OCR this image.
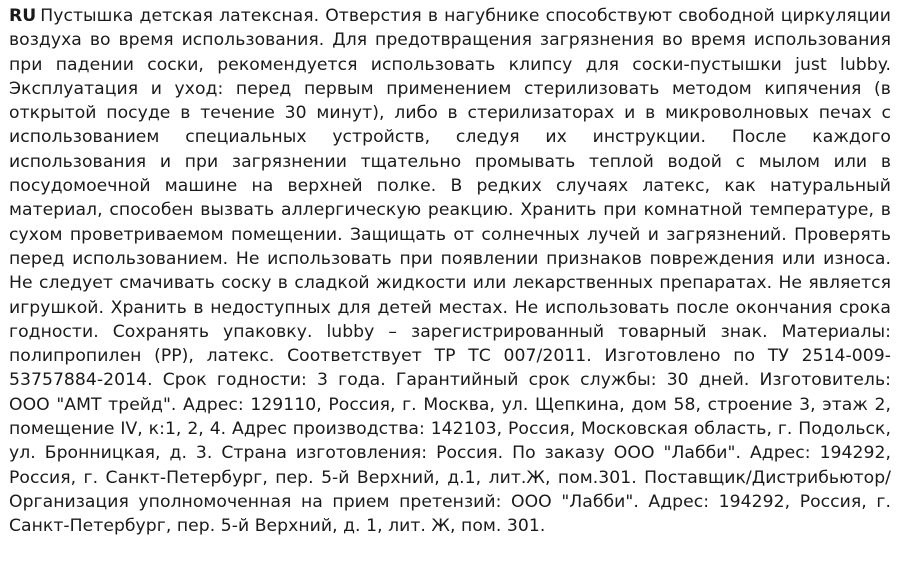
RU Пустышка детская латексная. Отверстия в нагубнике способствуют свободной циркуляции воздуха во время использования. Для предотвращения загрязнения во время использования при падении соски, рекомендуется использовать клипсу для соски-пустышки just lubby. Эксплуатация и уход: перед первым применением стерилизовать методом кипячения (в открытой посуде в течение 30 минут), либо в стерилизаторах и в микроволновых печах с использованием специальных устройств, следуя их инструкции. После каждого использования и при загрязнении тщательно промывать теплой водой с мылом или в посудомоечной машине на верхней полке. В редких случаях латекс, как натуральный материал, способен вызвать аллергическую реакцию. Хранить при комнатной температуре, в сухом проветриваемом помещении. Защищать от солнечных лучей и загрязнений. Проверять перед использованием. Не использовать при появлении признаков повреждения или износа. Не следует смачивать соску в сладкой жидкости или лекарственных препаратах. Не является игрушкой. Хранить в недоступных для детей местах. Не использовать после окончания срока годности. Сохранять упаковку. lubby – зарегистрированный товарный знак. Материалы: полипропилен (PP), латекс. Соответствует ТР ТС 007/2011. Изготовлено по ТУ 2514-009-53757884-2014. Срок годности: 3 года. Гарантийный срок службы: 30 дней. Изготовитель: ООО "АМТ трейд". Адрес: 129110, Россия, г. Москва, ул. Щепкина, дом 58, строение 3, этаж 2, помещение IV, к:1, 2, 4. Адрес производства: 142103, Россия, Московская область, г. Подольск, ул. Бронницкая, д. 3. Страна изготовления: Россия. По заказу ООО "Лабби". Адрес: 194292, Россия, г. Санкт-Петербург, пер. 5-й Верхний, д.1, лит.Ж, пом.301. Поставщик/Дистрибьютор/Организация уполномоченная на прием претензий: ООО "Лабби". Адрес: 194292, Россия, г. Санкт-Петербург, пер. 5-й Верхний, д. 1, лит. Ж, пом. 301.
